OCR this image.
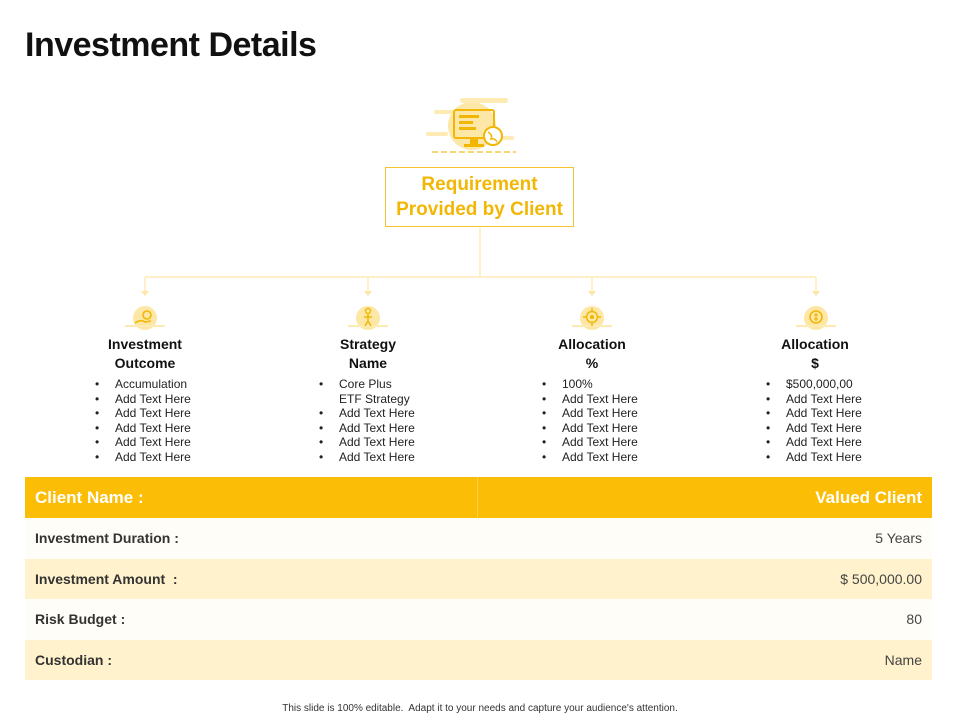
Investment Details
Requirement
Provided by Client
Investment
Outcome
• Accumulation
• Add Text Here
• Add Text Here
• Add Text Here
• Add Text Here
• Add Text Here
Strategy
Name
• Core Plus
ETF Strategy
• Add Text Here
• Add Text Here
• Add Text Here
• Add Text Here
Allocation
%
• 100%
• Add Text Here
• Add Text Here
• Add Text Here
• Add Text Here
• Add Text Here
Allocation
$
• $500,000,00
• Add Text Here
• Add Text Here
• Add Text Here
• Add Text Here
• Add Text Here
Client Name :	Valued Client
Investment Duration :	5 Years
Investment Amount  :	$ 500,000.00
Risk Budget :	80
Custodian :	Name
This slide is 100% editable.  Adapt it to your needs and capture your audience's attention.
